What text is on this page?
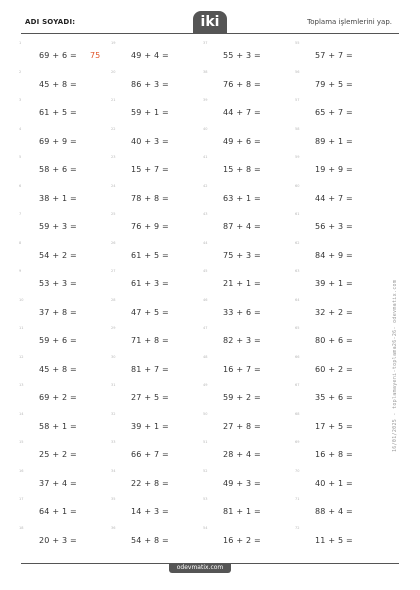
ADI SOYADI:	iki	Toplama işlemlerini yap.
1
69 + 6 = 75
2
45 + 8 =
3
61 + 5 =
4
69 + 9 =
5
58 + 6 =
6
38 + 1 =
7
59 + 3 =
8
54 + 2 =
9
53 + 3 =
10
37 + 8 =
11
59 + 6 =
12
45 + 8 =
13
69 + 2 =
14
58 + 1 =
15
25 + 2 =
16
37 + 4 =
17
64 + 1 =
18
20 + 3 =
19
49 + 4 =
20
86 + 3 =
21
59 + 1 =
22
40 + 3 =
23
15 + 7 =
24
78 + 8 =
25
76 + 9 =
26
61 + 5 =
27
61 + 3 =
28
47 + 5 =
29
71 + 8 =
30
81 + 7 =
31
27 + 5 =
32
39 + 1 =
33
66 + 7 =
34
22 + 8 =
35
14 + 3 =
36
54 + 8 =
37
55 + 3 =
38
76 + 8 =
39
44 + 7 =
40
49 + 6 =
41
15 + 8 =
42
63 + 1 =
43
87 + 4 =
44
75 + 3 =
45
21 + 1 =
46
33 + 6 =
47
82 + 3 =
48
16 + 7 =
49
59 + 2 =
50
27 + 8 =
51
28 + 4 =
52
49 + 3 =
53
81 + 1 =
54
16 + 2 =
55
57 + 7 =
56
79 + 5 =
57
65 + 7 =
58
89 + 1 =
59
19 + 9 =
60
44 + 7 =
61
56 + 3 =
62
84 + 9 =
63
39 + 1 =
64
32 + 2 =
65
80 + 6 =
66
60 + 2 =
67
35 + 6 =
68
17 + 5 =
69
16 + 8 =
70
40 + 1 =
71
88 + 4 =
72
11 + 5 =
odevmatix.com
16/01/2025 - toplamayeni-toplama26-26- odevmatix.com
